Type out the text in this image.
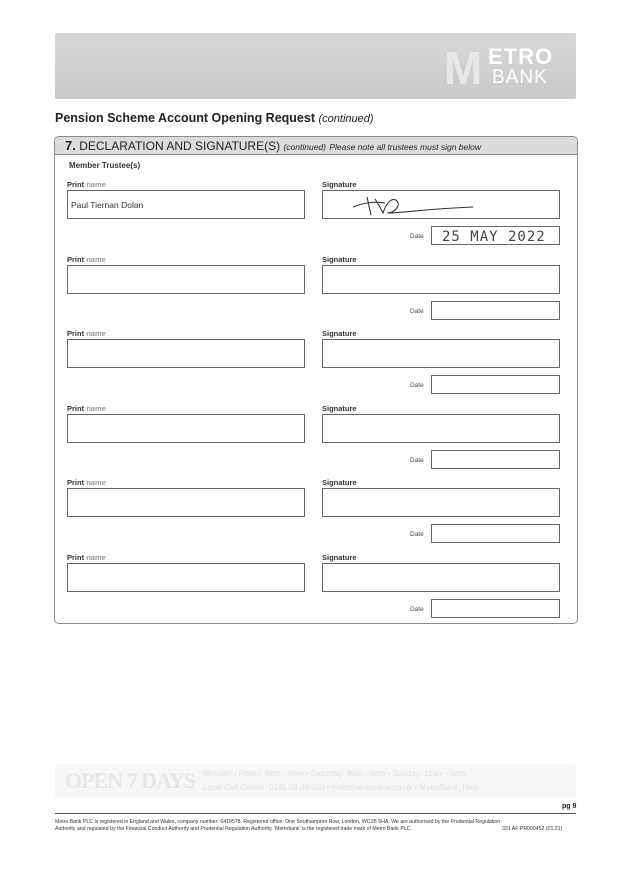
M ETRO
BANK
Pension Scheme Account Opening Request (continued)
7. DECLARATION AND SIGNATURE(S) (continued) Please note all trustees must sign below
Member Trustee(s)
Print name	Signature
Paul Tiernan Dolan
Date 25 MAY 2022
Print name	Signature
Date
Print name	Signature
Date
Print name	Signature
Date
Print name	Signature
Date
Print name	Signature
Date
OPEN 7 DAYS Monday - Friday: 8am - 8pm • Saturday: 8am - 6pm • Sunday: 11am - 5pm
Local Call Centre: 0345 08 08 500 • metrobankonline.co.uk • MetroBank_Help
pg 9
Metro Bank PLC is registered in England and Wales, company number: 6419578. Registered office: One Southampton Row, London, WC1B 5HA. We are authorised by the Prudential Regulation
Authority and regulated by the Financial Conduct Authority and Prudential Regulation Authority. 'Metrobank' is the registered trade mark of Metro Bank PLC.	331 AF PR000452 (01.21)
